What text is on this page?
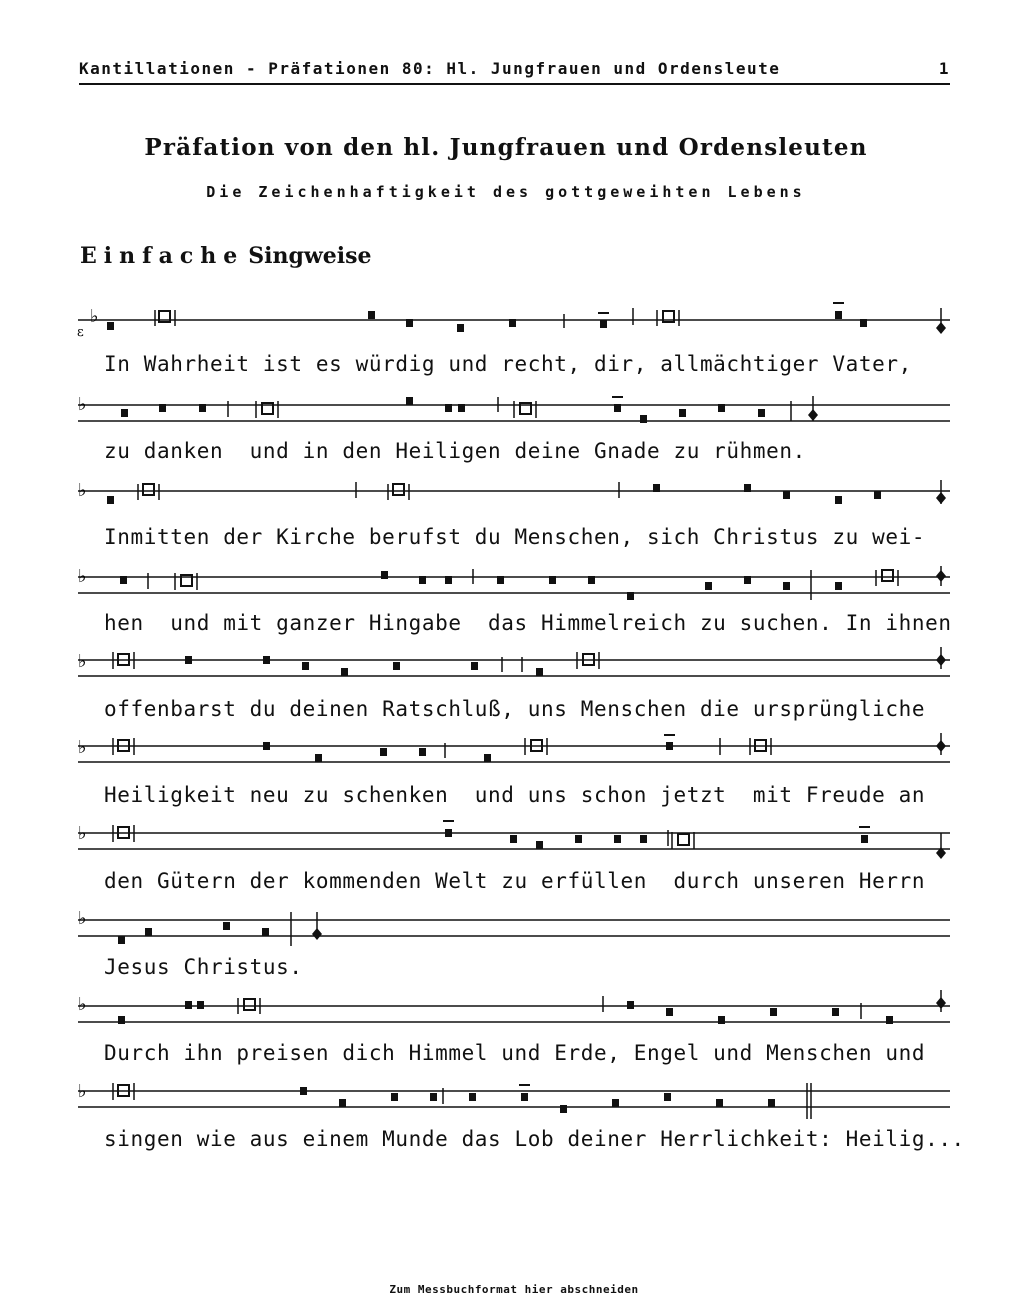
Kantillationen - Präfationen 80: Hl. Jungfrauen und Ordensleute	1
Präfation von den hl. Jungfrauen und Ordensleuten
Die Zeichenhaftigkeit des gottgeweihten Lebens
Einfache Singweise
♭
ε
In Wahrheit ist es würdig und recht, dir, allmächtiger Vater,
♭
zu danken  und in den Heiligen deine Gnade zu rühmen.
♭
Inmitten der Kirche berufst du Menschen, sich Christus zu wei-
♭
hen  und mit ganzer Hingabe  das Himmelreich zu suchen. In ihnen
♭
offenbarst du deinen Ratschluß, uns Menschen die ursprüngliche
♭
Heiligkeit neu zu schenken  und uns schon jetzt  mit Freude an
♭
den Gütern der kommenden Welt zu erfüllen  durch unseren Herrn
♭
Jesus Christus.
♭
Durch ihn preisen dich Himmel und Erde, Engel und Menschen und
♭
singen wie aus einem Munde das Lob deiner Herrlichkeit: Heilig...
Zum Messbuchformat hier abschneiden
